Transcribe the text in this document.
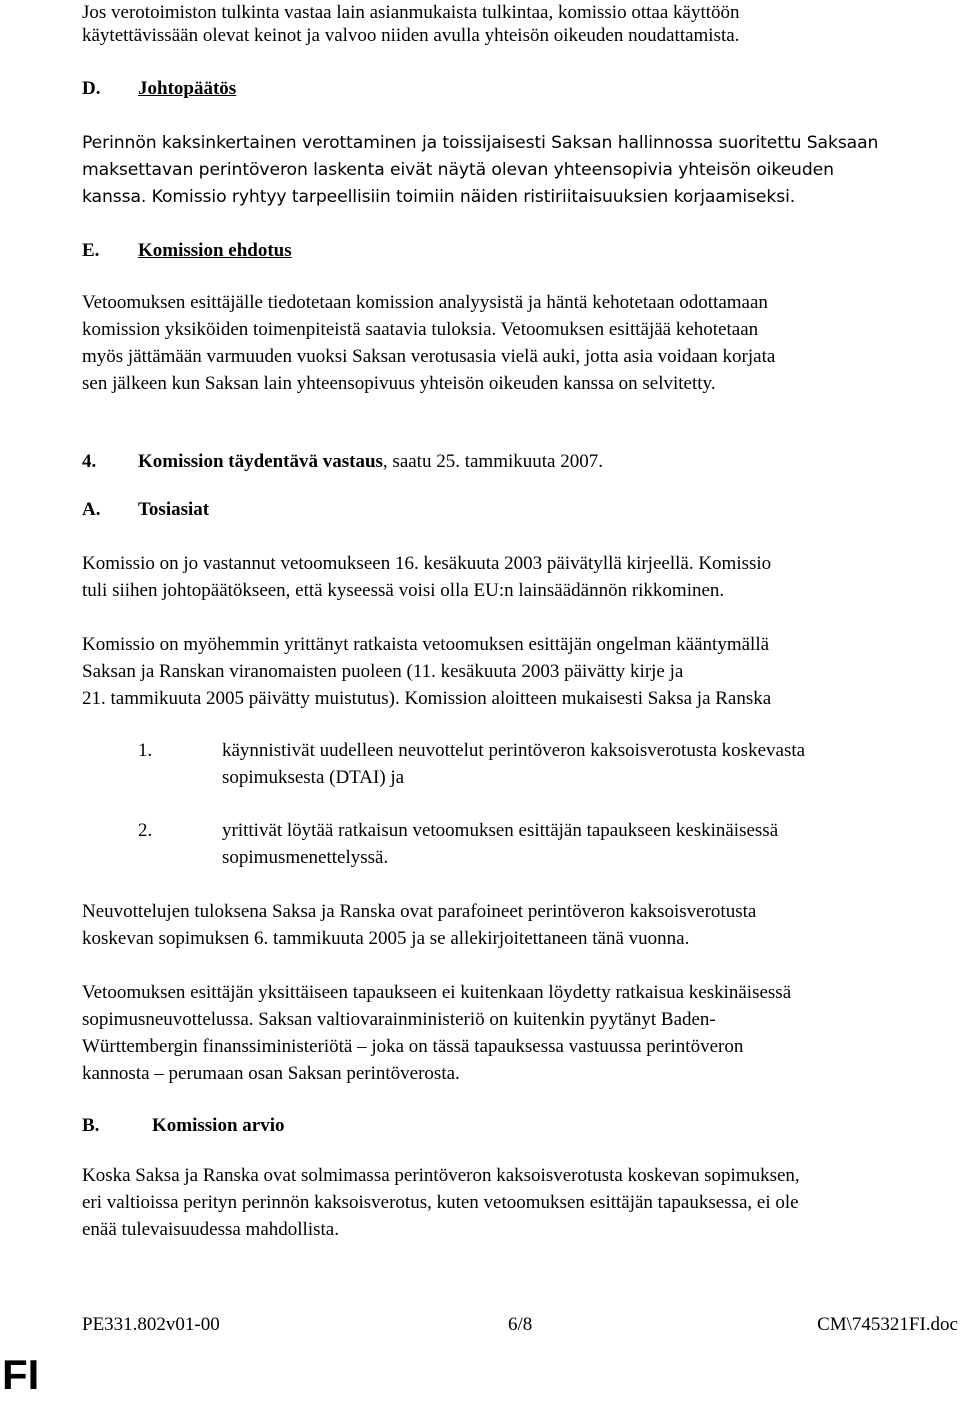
Jos verotoimiston tulkinta vastaa lain asianmukaista tulkintaa, komissio ottaa käyttöön
käytettävissään olevat keinot ja valvoo niiden avulla yhteisön oikeuden noudattamista.
D. Johtopäätös
Perinnön kaksinkertainen verottaminen ja toissijaisesti Saksan hallinnossa suoritettu Saksaan
maksettavan perintöveron laskenta eivät näytä olevan yhteensopivia yhteisön oikeuden
kanssa. Komissio ryhtyy tarpeellisiin toimiin näiden ristiriitaisuuksien korjaamiseksi.
E. Komission ehdotus
Vetoomuksen esittäjälle tiedotetaan komission analyysistä ja häntä kehotetaan odottamaan
komission yksiköiden toimenpiteistä saatavia tuloksia. Vetoomuksen esittäjää kehotetaan
myös jättämään varmuuden vuoksi Saksan verotusasia vielä auki, jotta asia voidaan korjata
sen jälkeen kun Saksan lain yhteensopivuus yhteisön oikeuden kanssa on selvitetty.
4. Komission täydentävä vastaus, saatu 25. tammikuuta 2007.
A. Tosiasiat
Komissio on jo vastannut vetoomukseen 16. kesäkuuta 2003 päivätyllä kirjeellä. Komissio
tuli siihen johtopäätökseen, että kyseessä voisi olla EU:n lainsäädännön rikkominen.
Komissio on myöhemmin yrittänyt ratkaista vetoomuksen esittäjän ongelman kääntymällä
Saksan ja Ranskan viranomaisten puoleen (11. kesäkuuta 2003 päivätty kirje ja
21. tammikuuta 2005 päivätty muistutus). Komission aloitteen mukaisesti Saksa ja Ranska
1.	käynnistivät uudelleen neuvottelut perintöveron kaksoisverotusta koskevasta
sopimuksesta (DTAI) ja
2.	yrittivät löytää ratkaisun vetoomuksen esittäjän tapaukseen keskinäisessä
sopimusmenettelyssä.
Neuvottelujen tuloksena Saksa ja Ranska ovat parafoineet perintöveron kaksoisverotusta
koskevan sopimuksen 6. tammikuuta 2005 ja se allekirjoitettaneen tänä vuonna.
Vetoomuksen esittäjän yksittäiseen tapaukseen ei kuitenkaan löydetty ratkaisua keskinäisessä
sopimusneuvottelussa. Saksan valtiovarainministeriö on kuitenkin pyytänyt Baden-
Württembergin finanssiministeriötä – joka on tässä tapauksessa vastuussa perintöveron
kannosta – perumaan osan Saksan perintöverosta.
B.	Komission arvio
Koska Saksa ja Ranska ovat solmimassa perintöveron kaksoisverotusta koskevan sopimuksen,
eri valtioissa perityn perinnön kaksoisverotus, kuten vetoomuksen esittäjän tapauksessa, ei ole
enää tulevaisuudessa mahdollista.
PE331.802v01-00	6/8	CM\745321FI.doc
FI
